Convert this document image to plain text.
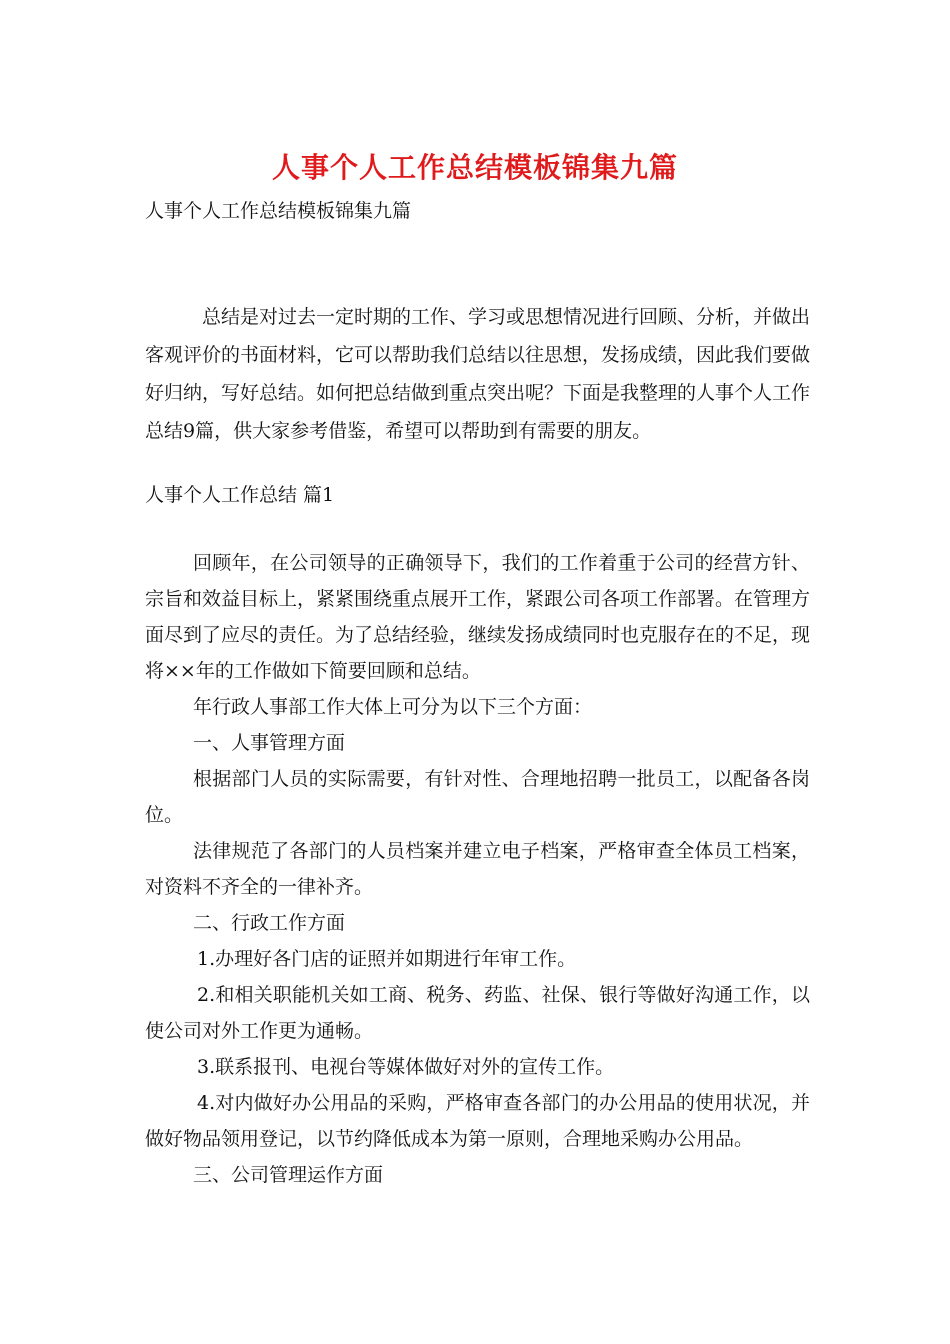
人事个人工作总结模板锦集九篇
人事个人工作总结模板锦集九篇

总结是对过去一定时期的工作、学习或思想情况进行回顾、分析，并做出客观评价的书面材料，它可以帮助我们总结以往思想，发扬成绩，因此我们要做好归纳，写好总结。如何把总结做到重点突出呢？下面是我整理的人事个人工作总结9篇，供大家参考借鉴，希望可以帮助到有需要的朋友。

人事个人工作总结 篇1

回顾年，在公司领导的正确领导下，我们的工作着重于公司的经营方针、宗旨和效益目标上，紧紧围绕重点展开工作，紧跟公司各项工作部署。在管理方面尽到了应尽的责任。为了总结经验，继续发扬成绩同时也克服存在的不足，现将××年的工作做如下简要回顾和总结。

年行政人事部工作大体上可分为以下三个方面：

一、人事管理方面

根据部门人员的实际需要，有针对性、合理地招聘一批员工，以配备各岗位。

法律规范了各部门的人员档案并建立电子档案，严格审查全体员工档案，对资料不齐全的一律补齐。

二、行政工作方面

1.办理好各门店的证照并如期进行年审工作。

2.和相关职能机关如工商、税务、药监、社保、银行等做好沟通工作，以使公司对外工作更为通畅。

3.联系报刊、电视台等媒体做好对外的宣传工作。

4.对内做好办公用品的采购，严格审查各部门的办公用品的使用状况，并做好物品领用登记，以节约降低成本为第一原则，合理地采购办公用品。

三、公司管理运作方面
